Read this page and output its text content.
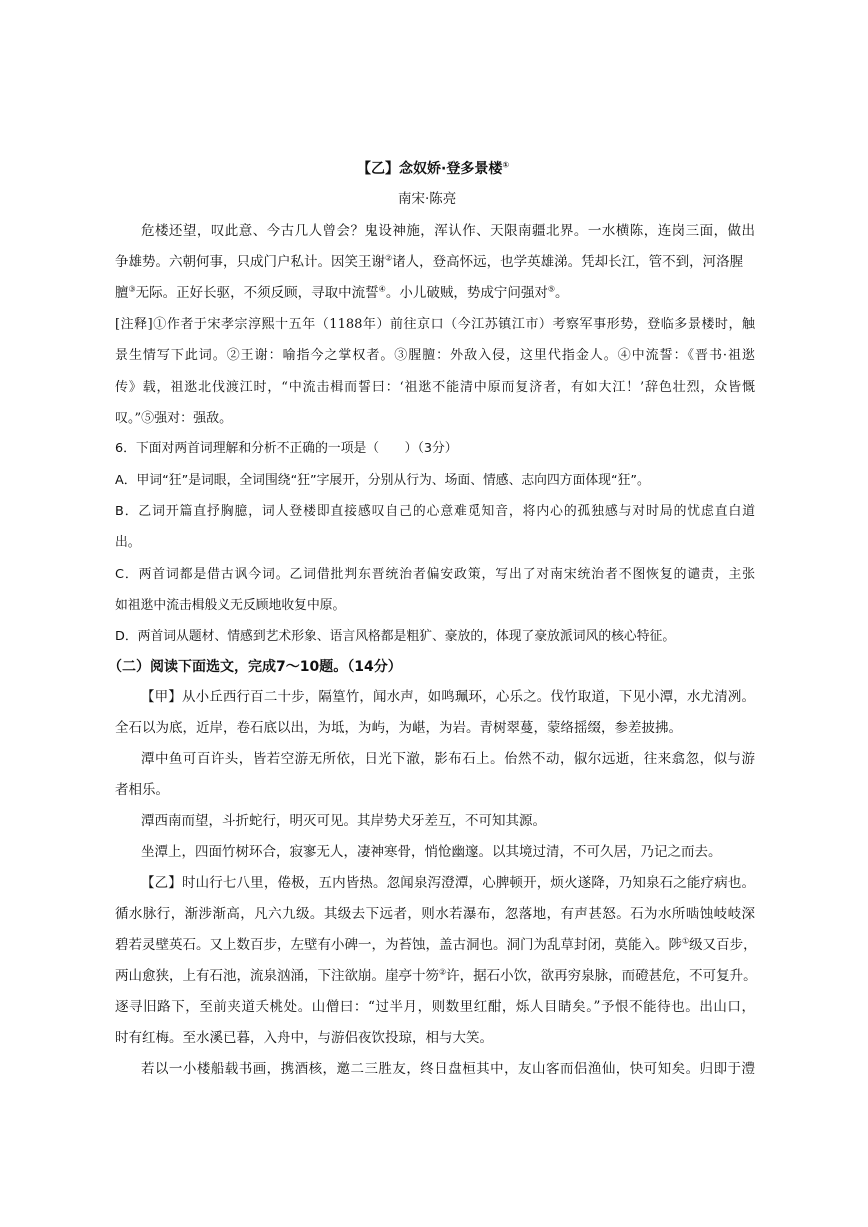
【乙】念奴娇·登多景楼①
南宋·陈亮
危楼还望，叹此意、今古几人曾会？鬼设神施，浑认作、天限南疆北界。一水横陈，连岗三面，做出
争雄势。六朝何事，只成门户私计。因笑王谢②诸人，登高怀远，也学英雄涕。凭却长江，管不到，河洛腥
膻③无际。正好长驱，不须反顾，寻取中流誓④。小儿破贼，势成宁问强对⑤。
[注释]①作者于宋孝宗淳熙十五年（1188年）前往京口（今江苏镇江市）考察军事形势，登临多景楼时，触
景生情写下此词。②王谢：喻指今之掌权者。③腥膻：外敌入侵，这里代指金人。④中流誓：《晋书·祖逖
传》载，祖逖北伐渡江时，“中流击楫而誓曰：‘祖逖不能清中原而复济者，有如大江！’辞色壮烈，众皆慨
叹。”⑤强对：强敌。
6．下面对两首词理解和分析不正确的一项是（　　）（3分）
A．甲词“狂”是词眼，全词围绕“狂”字展开，分别从行为、场面、情感、志向四方面体现“狂”。
B．乙词开篇直抒胸臆，词人登楼即直接感叹自己的心意难觅知音，将内心的孤独感与对时局的忧虑直白道
出。
C．两首词都是借古讽今词。乙词借批判东晋统治者偏安政策，写出了对南宋统治者不图恢复的谴责，主张
如祖逖中流击楫般义无反顾地收复中原。
D．两首词从题材、情感到艺术形象、语言风格都是粗犷、豪放的，体现了豪放派词风的核心特征。
（二）阅读下面选文，完成7～10题。（14分）
【甲】从小丘西行百二十步，隔篁竹，闻水声，如鸣珮环，心乐之。伐竹取道，下见小潭，水尤清冽。
全石以为底，近岸，卷石底以出，为坻，为屿，为嵁，为岩。青树翠蔓，蒙络摇缀，参差披拂。
潭中鱼可百许头，皆若空游无所依，日光下澈，影布石上。佁然不动，俶尔远逝，往来翕忽，似与游
者相乐。
潭西南而望，斗折蛇行，明灭可见。其岸势犬牙差互，不可知其源。
坐潭上，四面竹树环合，寂寥无人，凄神寒骨，悄怆幽邃。以其境过清，不可久居，乃记之而去。
【乙】时山行七八里，倦极，五内皆热。忽闻泉泻澄潭，心脾顿开，烦火遂降，乃知泉石之能疗病也。
循水脉行，渐涉渐高，凡六九级。其级去下远者，则水若瀑布，忽落地，有声甚怒。石为水所啮蚀岐岐深
碧若灵壁英石。又上数百步，左壁有小碑一，为苔蚀，盖古洞也。洞门为乱草封闭，莫能入。陟①级又百步，
两山愈狭，上有石池，流泉汹涌，下注欲崩。崖亭十笏②许，据石小饮，欲再穷泉脉，而磴甚危，不可复升。
逐寻旧路下，至前夹道夭桃处。山僧曰：“过半月，则数里红酣，烁人目睛矣。”予恨不能待也。出山口，
时有红梅。至水溪已暮，入舟中，与游侣夜饮投琼，相与大笑。
若以一小楼船载书画，携酒核，邀二三胜友，终日盘桓其中，友山客而侣渔仙，快可知矣。归即于澧
